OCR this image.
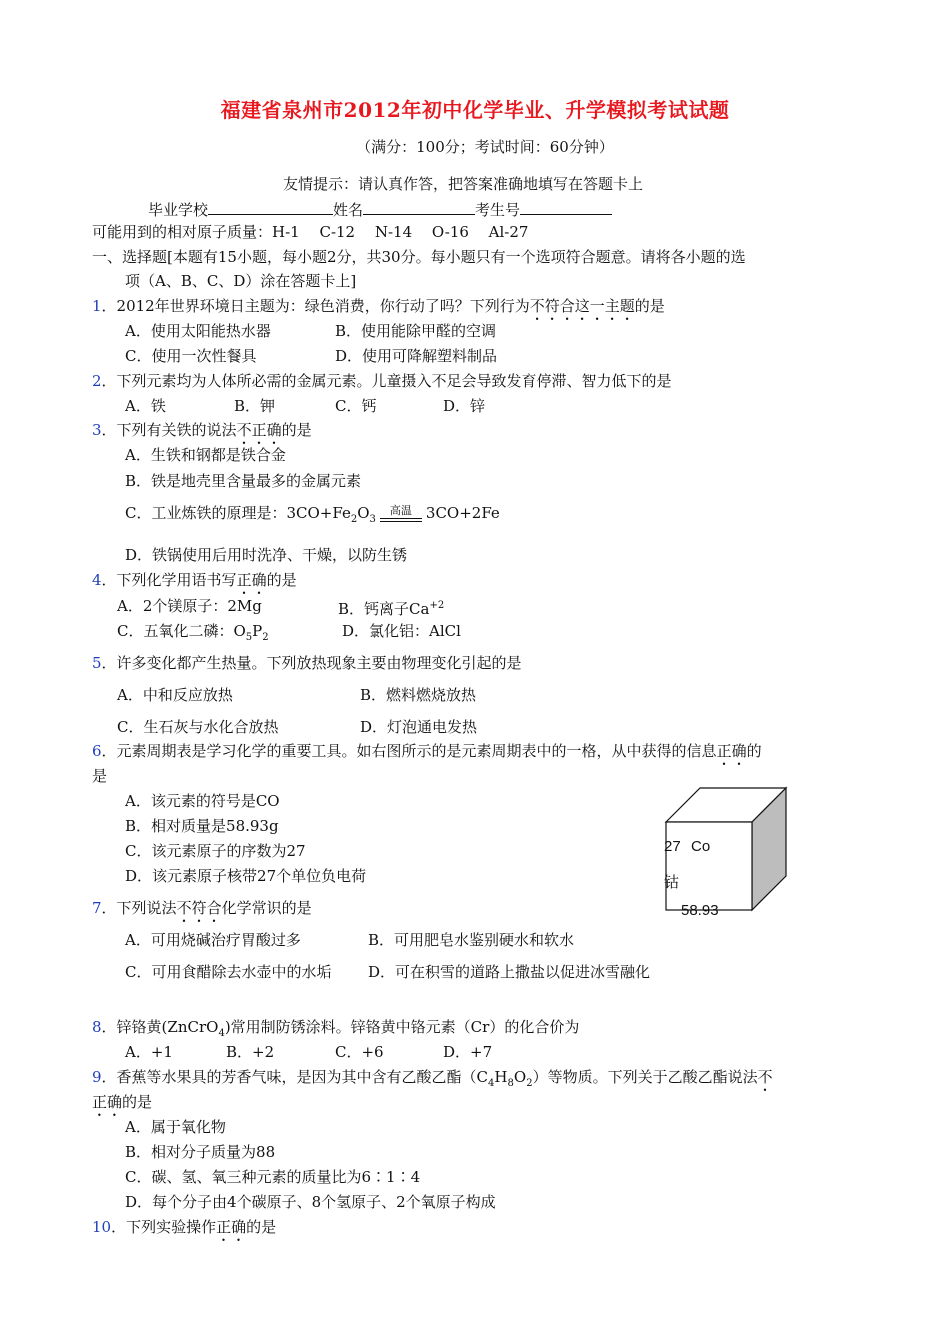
福建省泉州市2012年初中化学毕业、升学模拟考试试题
（满分：100分；考试时间：60分钟）
友情提示：请认真作答，把答案准确地填写在答题卡上
毕业学校	姓名	考生号
可能用到的相对原子质量：H-1　 C-12　 N-14　 O-16　 Al-27
一、选择题[本题有15小题，每小题2分，共30分。每小题只有一个选项符合题意。请将各小题的选
项（A、B、C、D）涂在答题卡上]
1．2012年世界环境日主题为：绿色消费，你行动了吗？下列行为不符合这一主题的是
A．使用太阳能热水器	B．使用能除甲醛的空调
C．使用一次性餐具	D．使用可降解塑料制品
2．下列元素均为人体所必需的金属元素。儿童摄入不足会导致发育停滞、智力低下的是
A．铁	B．钾	C．钙	D．锌
3．下列有关铁的说法不正确的是
A．生铁和钢都是铁合金
B．铁是地壳里含量最多的金属元素
C．工业炼铁的原理是：$3CO+Fe_2O_3$
高温 3CO+2Fe
D．铁锅使用后用时洗净、干燥，以防生锈
4．下列化学用语书写正确的是
A．2个镁原子：2Mg	B．钙离子$Ca^{+2}$
C．五氧化二磷：$O_5P_2$	D．氯化铝：AlCl
5．许多变化都产生热量。下列放热现象主要由物理变化引起的是
A．中和反应放热	B．燃料燃烧放热
C．生石灰与水化合放热	D．灯泡通电发热
6．元素周期表是学习化学的重要工具。如右图所示的是元素周期表中的一格，从中获得的信息正确的
是
A．该元素的符号是CO
B．相对质量是58.93g
C．该元素原子的序数为27
D．该元素原子核带27个单位负电荷
27 Co
钴
58.93
7．下列说法不符合化学常识的是
A．可用烧碱治疗胃酸过多	B．可用肥皂水鉴别硬水和软水
C．可用食醋除去水壶中的水垢 D．可在积雪的道路上撒盐以促进冰雪融化
8．锌铬黄(ZnCrO$_4$)常用制防锈涂料。锌铬黄中铬元素（Cr）的化合价为
A．+1	B．+2	C．+6	D．+7
9．香蕉等水果具的芳香气味，是因为其中含有乙酸乙酯$(C_4H_8O_2)$等物质。下列关于乙酸乙酯说法不
正确的是
A．属于氧化物
B．相对分子质量为88
C．碳、氢、氧三种元素的质量比为6∶1∶4
D．每个分子由4个碳原子、8个氢原子、2个氧原子构成
10．下列实验操作正确的是
